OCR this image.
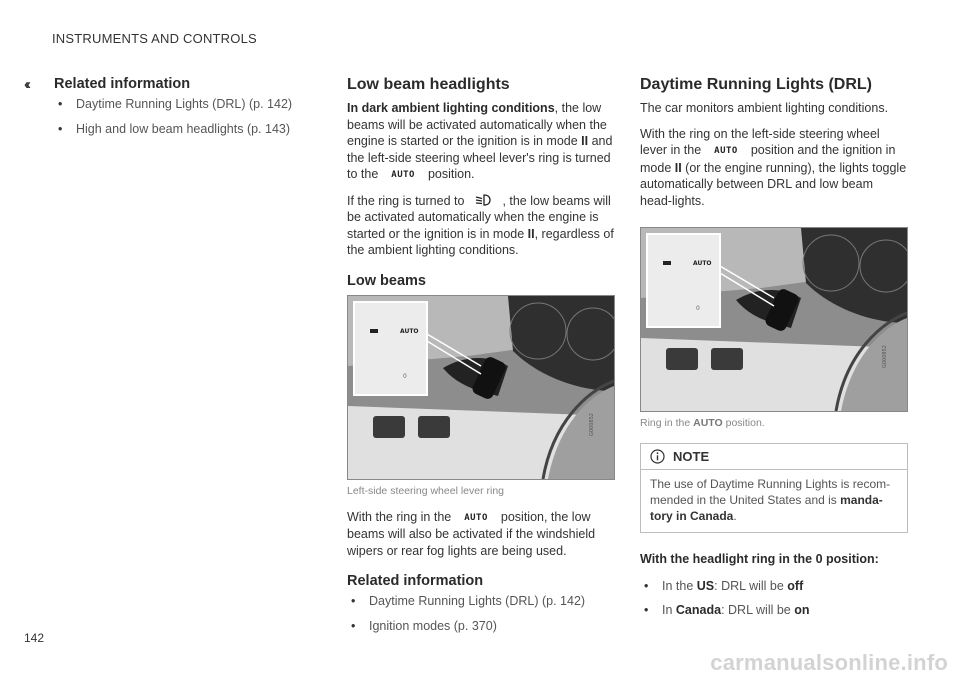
INSTRUMENTS AND CONTROLS
‹‹
142
carmanualsonline.info
Related information
• Daytime Running Lights (DRL) (p. 142)
• High and low beam headlights (p. 143)
Low beam headlights

In dark ambient lighting conditions, the low beams will be activated automatically when the engine is started or the ignition is in mode II and the left-side steering wheel lever's ring is turned to the AUTO position.

If the ring is turned to	, the low beams will be activated automatically when the engine is started or the ignition is in mode II, regardless of the ambient lighting conditions.

Low beams
AUTO
0
G000852
Left-side steering wheel lever ring

With the ring in the AUTO position, the low beams will also be activated if the windshield wipers or rear fog lights are being used.

Related information
• Daytime Running Lights (DRL) (p. 142)
• Ignition modes (p. 370)
Daytime Running Lights (DRL)

The car monitors ambient lighting conditions.

With the ring on the left-side steering wheel lever in the AUTO position and the ignition in mode II (or the engine running), the lights toggle automatically between DRL and low beam head-lights.

AUTO
0
G000852
Ring in the AUTO position.
NOTE
The use of Daytime Running Lights is recom-mended in the United States and is manda-tory in Canada.

With the headlight ring in the 0 position:

• In the US: DRL will be off
• In Canada: DRL will be on
